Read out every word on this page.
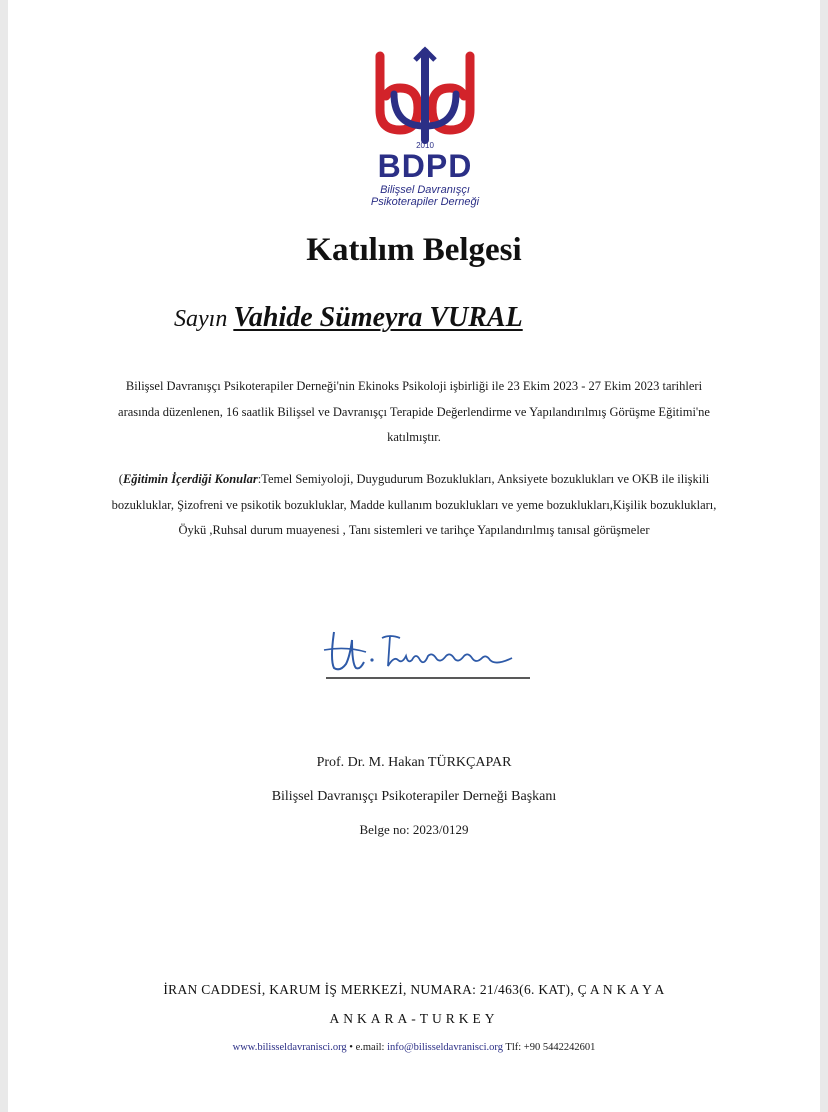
2010
BDPD
Bilişsel Davranışçı
Psikoterapiler Derneği
Katılım Belgesi
Sayın Vahide Sümeyra VURAL
Bilişsel Davranışçı Psikoterapiler Derneği'nin Ekinoks Psikoloji işbirliği ile 23 Ekim 2023 - 27 Ekim 2023 tarihleri arasında düzenlenen, 16 saatlik Bilişsel ve Davranışçı Terapide Değerlendirme ve Yapılandırılmış Görüşme Eğitimi'ne katılmıştır.
(Eğitimin İçerdiği Konular:Temel Semiyoloji, Duygudurum Bozuklukları, Anksiyete bozuklukları ve OKB ile ilişkili bozukluklar, Şizofreni ve psikotik bozukluklar, Madde kullanım bozuklukları ve yeme bozuklukları,Kişilik bozuklukları, Öykü ,Ruhsal durum muayenesi , Tanı sistemleri ve tarihçe Yapılandırılmış tanısal görüşmeler
Prof. Dr. M. Hakan TÜRKÇAPAR
Bilişsel Davranışçı Psikoterapiler Derneği Başkanı
Belge no: 2023/0129
İRAN CADDESİ, KARUM İŞ MERKEZİ, NUMARA: 21/463(6. KAT), Ç A N K A Y A
ANKARA-TURKEY
www.bilisseldavranisci.org • e.mail: info@bilisseldavranisci.org Tlf: +90 5442242601
